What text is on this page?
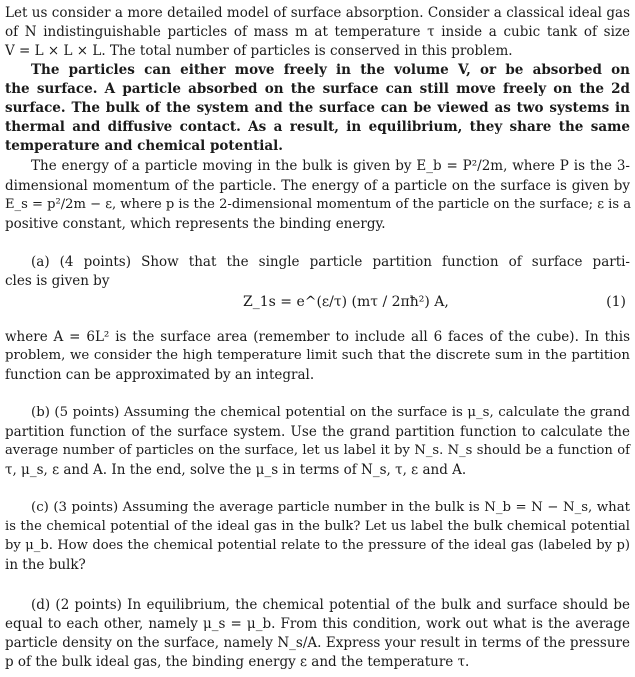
Let us consider a more detailed model of surface absorption. Consider a classical ideal gas
of N indistinguishable particles of mass m at temperature τ inside a cubic tank of size
V = L × L × L. The total number of particles is conserved in this problem.
The particles can either move freely in the volume V, or be absorbed on
the surface. A particle absorbed on the surface can still move freely on the 2d
surface. The bulk of the system and the surface can be viewed as two systems in
thermal and diffusive contact. As a result, in equilibrium, they share the same
temperature and chemical potential.
The energy of a particle moving in the bulk is given by E_b = P²/2m, where P is the 3-
dimensional momentum of the particle. The energy of a particle on the surface is given by
E_s = p²/2m − ε, where p is the 2-dimensional momentum of the particle on the surface; ε is a
positive constant, which represents the binding energy.
(a) (4 points) Show that the single particle partition function of surface parti-
cles is given by
Z_1s = e^(ε/τ) (mτ / 2πħ²) A,	(1)
where A = 6L² is the surface area (remember to include all 6 faces of the cube). In this
problem, we consider the high temperature limit such that the discrete sum in the partition
function can be approximated by an integral.
(b) (5 points) Assuming the chemical potential on the surface is μ_s, calculate the grand
partition function of the surface system. Use the grand partition function to calculate the
average number of particles on the surface, let us label it by N_s. N_s should be a function of
τ, μ_s, ε and A. In the end, solve the μ_s in terms of N_s, τ, ε and A.
(c) (3 points) Assuming the average particle number in the bulk is N_b = N − N_s, what
is the chemical potential of the ideal gas in the bulk? Let us label the bulk chemical potential
by μ_b. How does the chemical potential relate to the pressure of the ideal gas (labeled by p)
in the bulk?
(d) (2 points) In equilibrium, the chemical potential of the bulk and surface should be
equal to each other, namely μ_s = μ_b. From this condition, work out what is the average
particle density on the surface, namely N_s/A. Express your result in terms of the pressure
p of the bulk ideal gas, the binding energy ε and the temperature τ.
